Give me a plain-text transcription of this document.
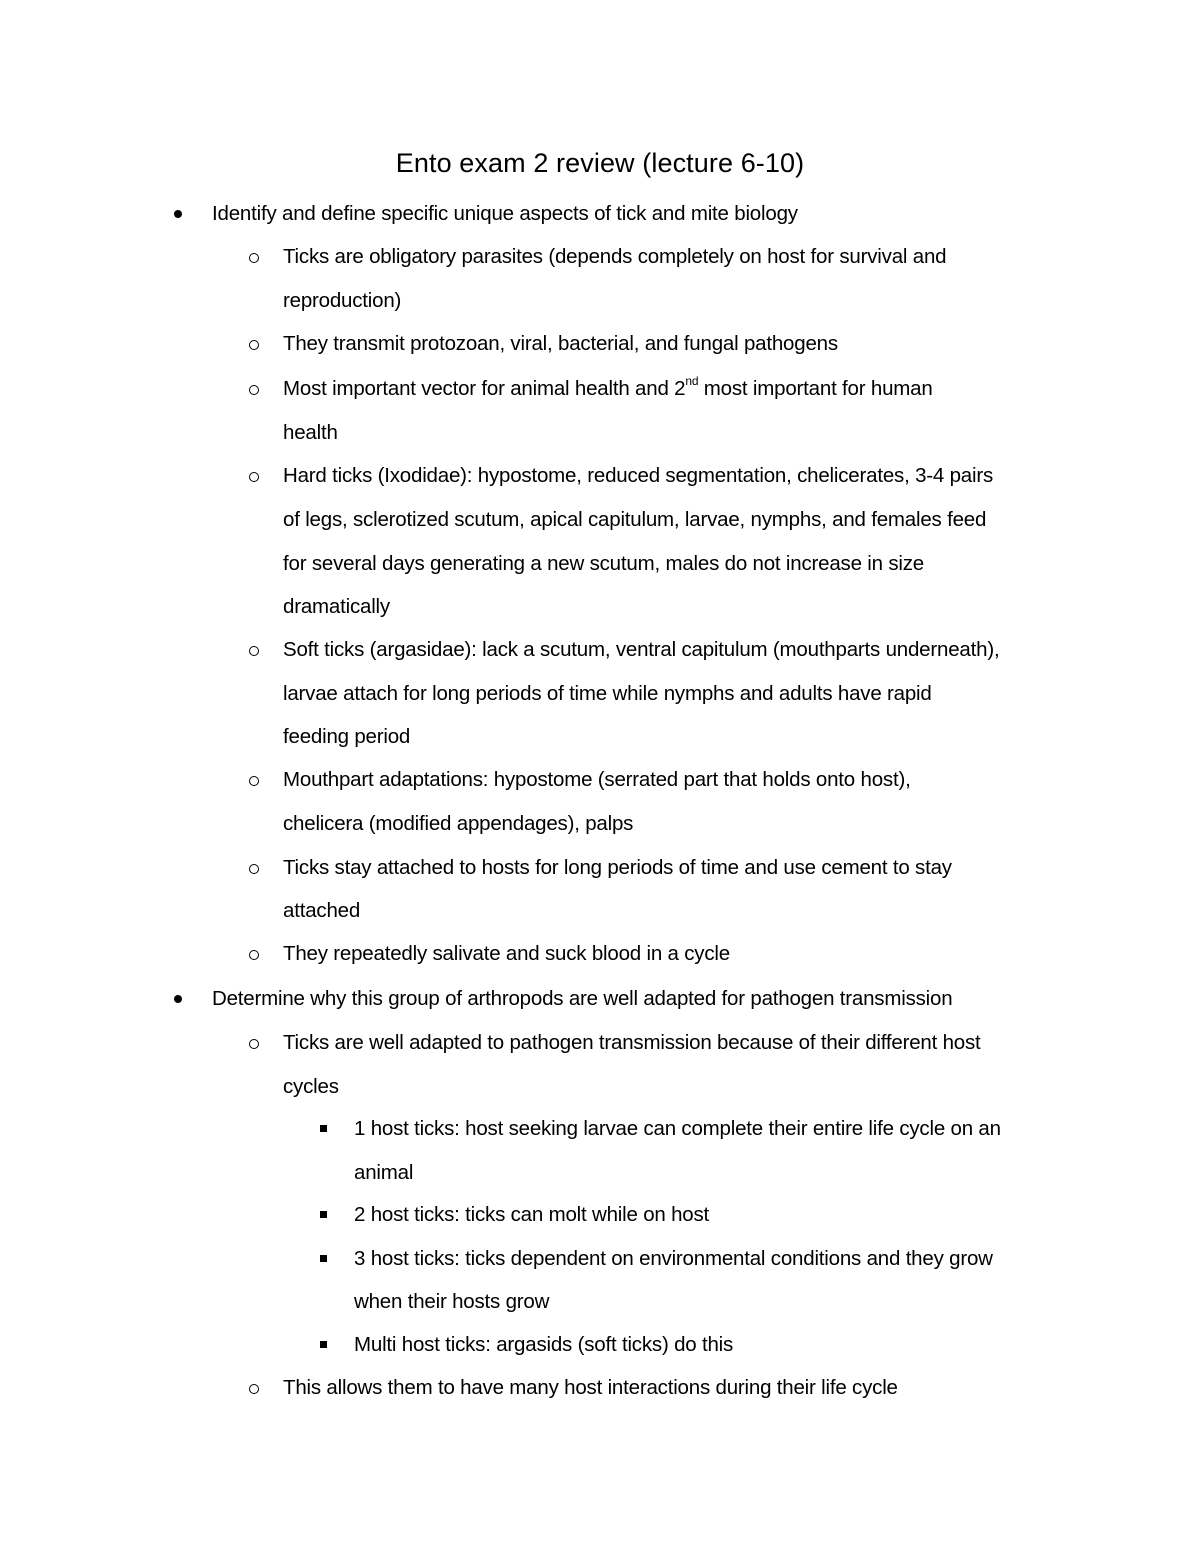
Ento exam 2 review (lecture 6-10)
Identify and define specific unique aspects of tick and mite biology
Ticks are obligatory parasites (depends completely on host for survival and
reproduction)
They transmit protozoan, viral, bacterial, and fungal pathogens
Most important vector for animal health and 2nd most important for human
health
Hard ticks (Ixodidae): hypostome, reduced segmentation, chelicerates, 3-4 pairs
of legs, sclerotized scutum, apical capitulum, larvae, nymphs, and females feed
for several days generating a new scutum, males do not increase in size
dramatically
Soft ticks (argasidae): lack a scutum, ventral capitulum (mouthparts underneath),
larvae attach for long periods of time while nymphs and adults have rapid
feeding period
Mouthpart adaptations: hypostome (serrated part that holds onto host),
chelicera (modified appendages), palps
Ticks stay attached to hosts for long periods of time and use cement to stay
attached
They repeatedly salivate and suck blood in a cycle
Determine why this group of arthropods are well adapted for pathogen transmission
Ticks are well adapted to pathogen transmission because of their different host
cycles
1 host ticks: host seeking larvae can complete their entire life cycle on an
animal
2 host ticks: ticks can molt while on host
3 host ticks: ticks dependent on environmental conditions and they grow
when their hosts grow
Multi host ticks: argasids (soft ticks) do this
This allows them to have many host interactions during their life cycle
